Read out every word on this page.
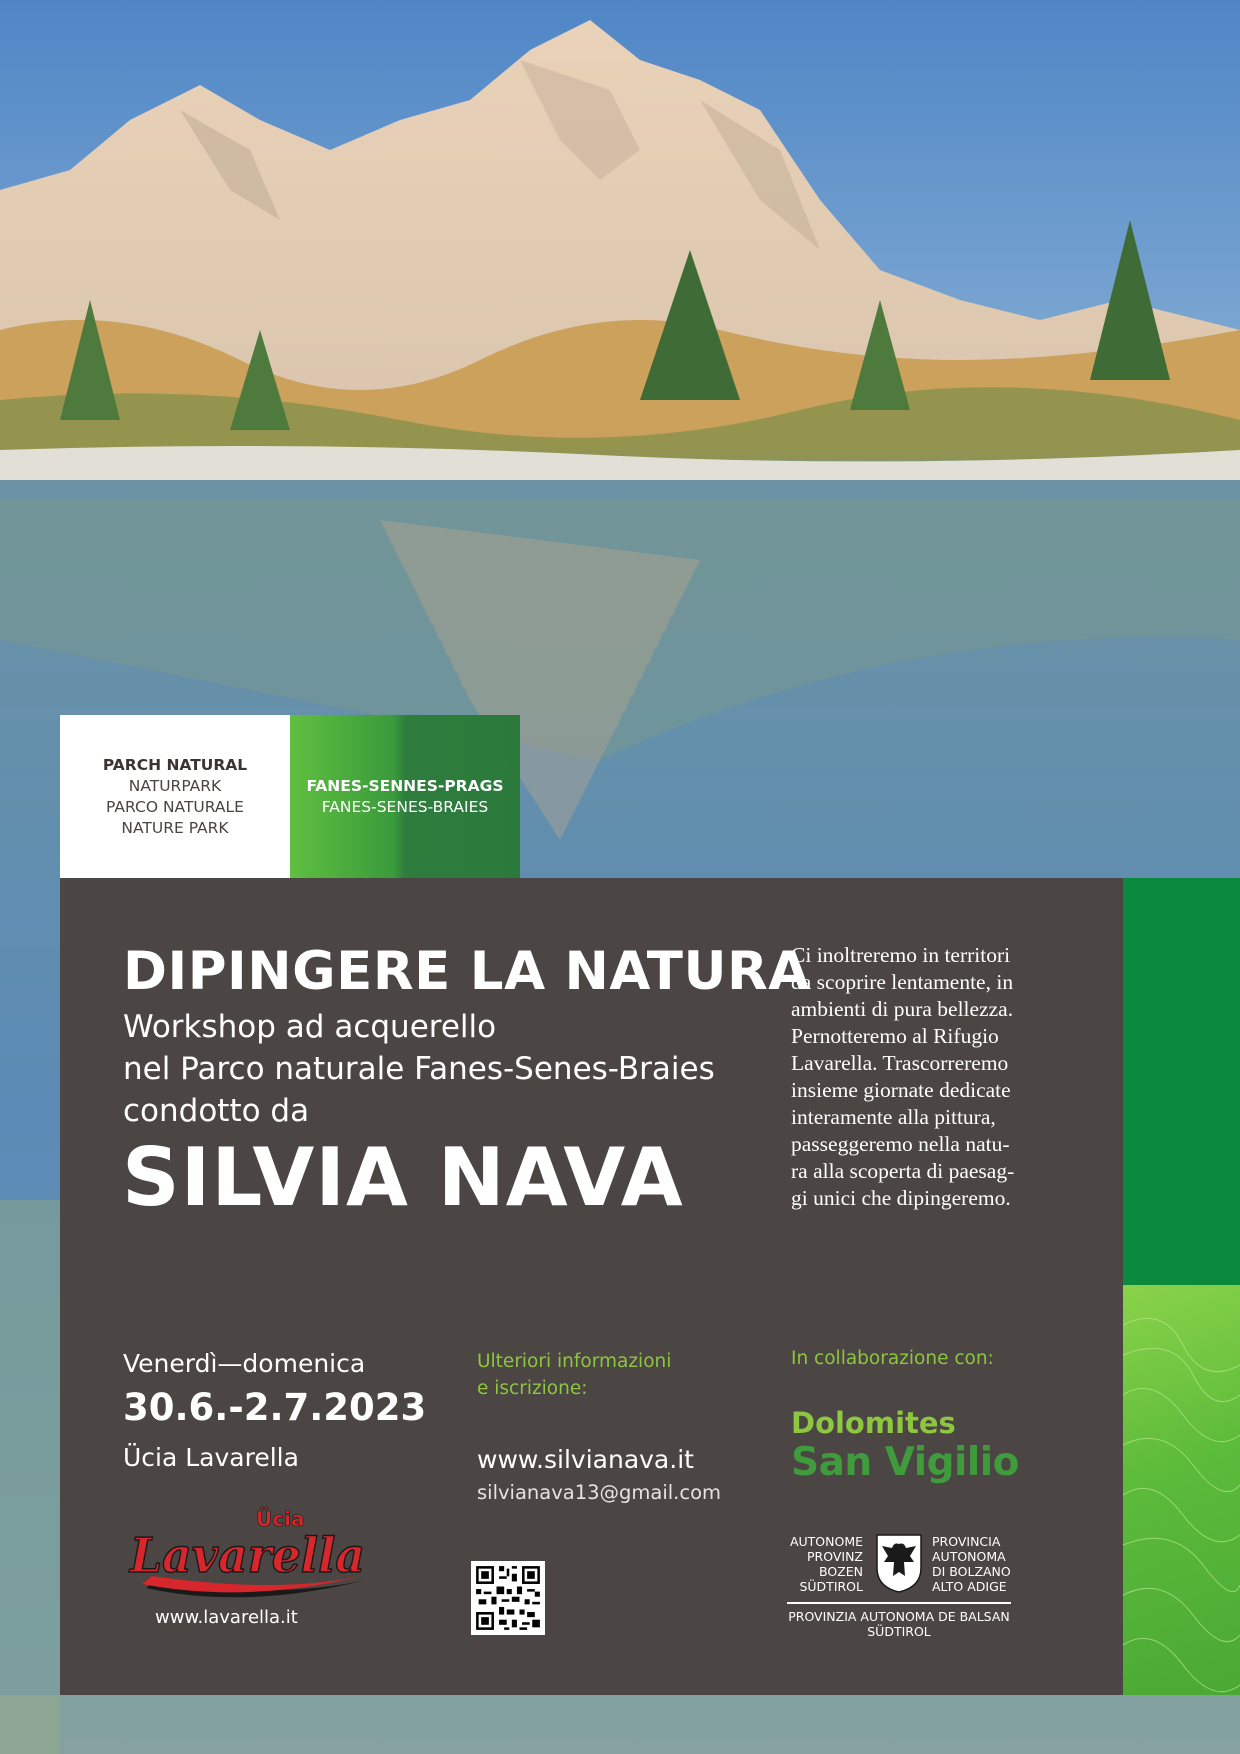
PARCH NATURAL
NATURPARK
PARCO NATURALE
NATURE PARK
FANES-SENNES-PRAGS
FANES-SENES-BRAIES
DIPINGERE LA NATURA
Workshop ad acquerello
nel Parco naturale Fanes-Senes-Braies
condotto da
SILVIA NAVA
Ci inoltreremo in territori
da scoprire lentamente, in
ambienti di pura bellezza.
Pernotteremo al Rifugio
Lavarella. Trascorreremo
insieme giornate dedicate
interamente alla pittura,
passeggeremo nella natu-
ra alla scoperta di paesag-
gi unici che dipingeremo.
Venerdì—domenica
30.6.-2.7.2023
Ücia Lavarella
Ücia
Lavarella
www.lavarella.it
Ulteriori informazioni
e iscrizione:
www.silvianava.it
silvianava13@gmail.com
In collaborazione con:
Dolomites
San Vigilio
AUTONOME
PROVINZ
BOZEN
SÜDTIROL
PROVINCIA
AUTONOMA
DI BOLZANO
ALTO ADIGE
PROVINZIA AUTONOMA DE BALSAN
SÜDTIROL
